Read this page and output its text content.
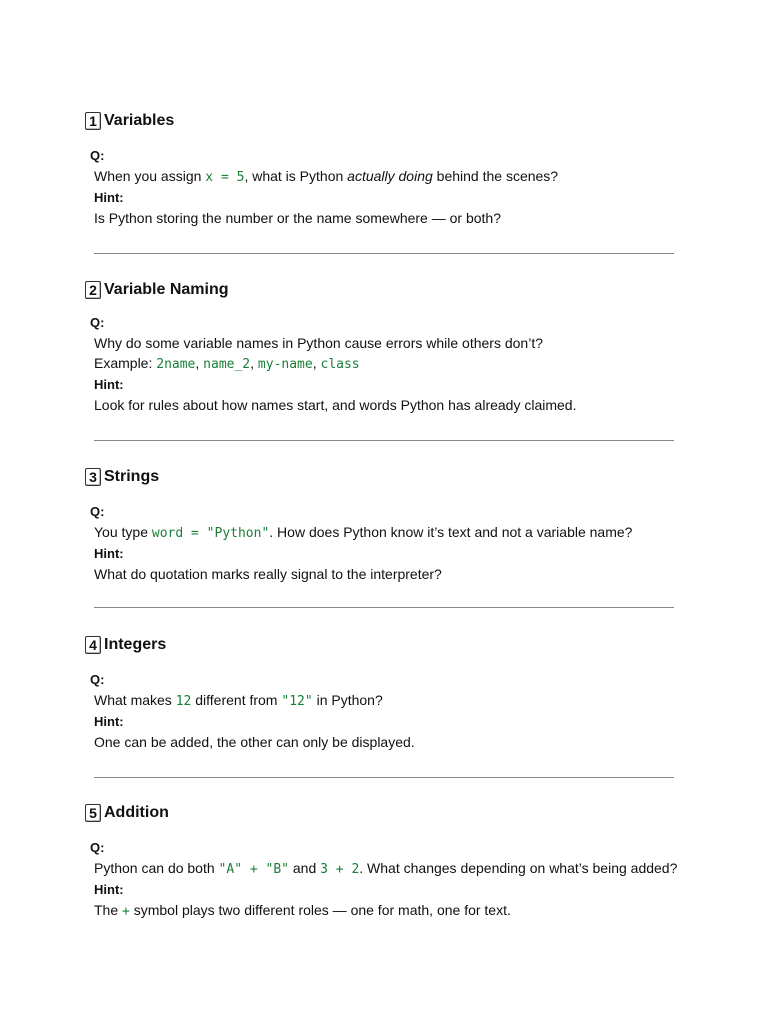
1 Variables
Q:
When you assign x = 5, what is Python actually doing behind the scenes?
Hint:
Is Python storing the number or the name somewhere — or both?
2 Variable Naming
Q:
Why do some variable names in Python cause errors while others don’t?
Example: 2name, name_2, my-name, class
Hint:
Look for rules about how names start, and words Python has already claimed.
3 Strings
Q:
You type word = "Python". How does Python know it’s text and not a variable name?
Hint:
What do quotation marks really signal to the interpreter?
4 Integers
Q:
What makes 12 different from "12" in Python?
Hint:
One can be added, the other can only be displayed.
5 Addition
Q:
Python can do both "A" + "B" and 3 + 2. What changes depending on what’s being added?
Hint:
The + symbol plays two different roles — one for math, one for text.
